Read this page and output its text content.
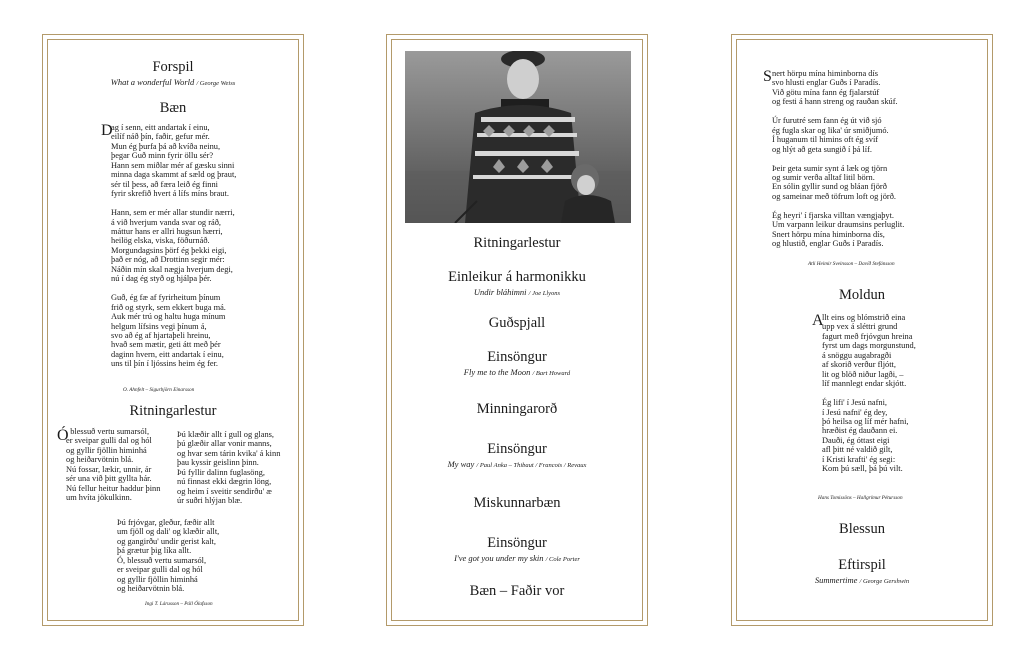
Forspil
What a wonderful World / George Weiss
Bæn
D
ag í senn, eitt andartak í einu,
eilíf náð þín, faðir, gefur mér.
Mun ég þurfa þá að kvíða neinu,
þegar Guð minn fyrir öllu sér?
Hann sem miðlar mér af gæsku sinni
minna daga skammt af sæld og þraut,
sér til þess, að færa leið ég finni
fyrir skrefið hvert á lífs míns braut.

Hann, sem er mér allar stundir nærri,
á við hverjum vanda svar og ráð,
máttur hans er allri hugsun hærri,
heilög elska, viska, föðurnáð.
Morgundagsins þörf ég þekki eigi,
það er nóg, að Drottinn segir mér:
Náðin mín skal nægja hverjum degi,
nú í dag ég styð og hjálpa þér.

Guð, ég fæ af fyrirheitum þínum
frið og styrk, sem ekkert buga má.
Auk mér trú og haltu huga mínum
helgum lífsins vegi þínum á,
svo að ég af hjartaþeli hreinu,
hvað sem mætir, geti átt með þér
daginn hvern, eitt andartak í einu,
uns til þín í ljóssins heim ég fer.
O. Ahnfelt – Sigurbjörn Einarsson
Ritningarlestur
Ó
, blessuð vertu sumarsól,
er sveipar gulli dal og hól
og gyllir fjöllin himinhá
og heiðarvötnin blá.
Nú fossar, lækir, unnir, ár
sér una við þitt gyllta hár.
Nú fellur heitur haddur þinn
um hvíta jökulkinn.
Þú klæðir allt í gull og glans,
þú glæðir allar vonir manns,
og hvar sem tárin kvika' á kinn
þau kyssir geislinn þinn.
Þú fyllir dalinn fuglasöng,
nú finnast ekki dægrin löng,
og heim í sveitir sendirðu' æ
úr suðri hlýjan blæ.
Þú frjóvgar, gleður, fæðir allt
um fjöll og dali' og klæðir allt,
og gangirðu' undir gerist kalt,
þá grætur þig líka allt.
Ó, blessuð vertu sumarsól,
er sveipar gulli dal og hól
og gyllir fjöllin himinhá
og heiðarvötnin blá.
Ingi T. Lárusson – Páll Ólafsson
Ritningarlestur
Einleikur á harmonikku
Undir bláhimni / Joe Llyons
Guðspjall
Einsöngur
Fly me to the Moon / Bart Howard
Minningarorð
Einsöngur
My way / Paul Anka – Thibaut / Francois / Revaux
Miskunnarbæn
Einsöngur
I've got you under my skin / Cole Porter
Bæn – Faðir vor
S nert hörpu mína himinborna dís
svo hlusti englar Guðs í Paradís.
Við götu mína fann ég fjalarstúf
og festi á hann streng og rauðan skúf.

Úr furutré sem fann ég út við sjó
ég fugla skar og lika' úr smiðjumó.
Í huganum til himins oft ég svíf
og hlýt að geta sungið í þá líf.

Þeir geta sumir synt á læk og tjörn
og sumir verða alltaf litil börn.
En sólin gyllir sund og bláan fjörð
og sameinar með töfrum loft og jörð.

Ég heyri' í fjarska villtan vængjaþyt.
Um varpann leikur draumsins perluglit.
Snert hörpu mína himinborna dís,
og hlustið, englar Guðs í Paradís.
Atli Heimir Sveinsson – Davíð Stefánsson
Moldun
A
llt eins og blómstrið eina
upp vex á sléttri grund
fagurt með frjóvgun hreina
fyrst um dags morgunstund,
á snöggu augabragði
af skorið verður fljótt,
lit og blöð niður lagði, –
líf mannlegt endar skjótt.

Ég lifi' í Jesú nafni,
í Jesú nafni' ég dey,
þó heilsa og líf mér hafni,
hræðist ég dauðann ei.
Dauði, ég óttast eigi
afl þitt né valdið gilt,
í Kristi krafti' ég segi:
Kom þú sæll, þá þú vilt.
Hans Tomissöns – Hallgrímur Pétursson
Blessun
Eftirspil
Summertime / George Gershwin
